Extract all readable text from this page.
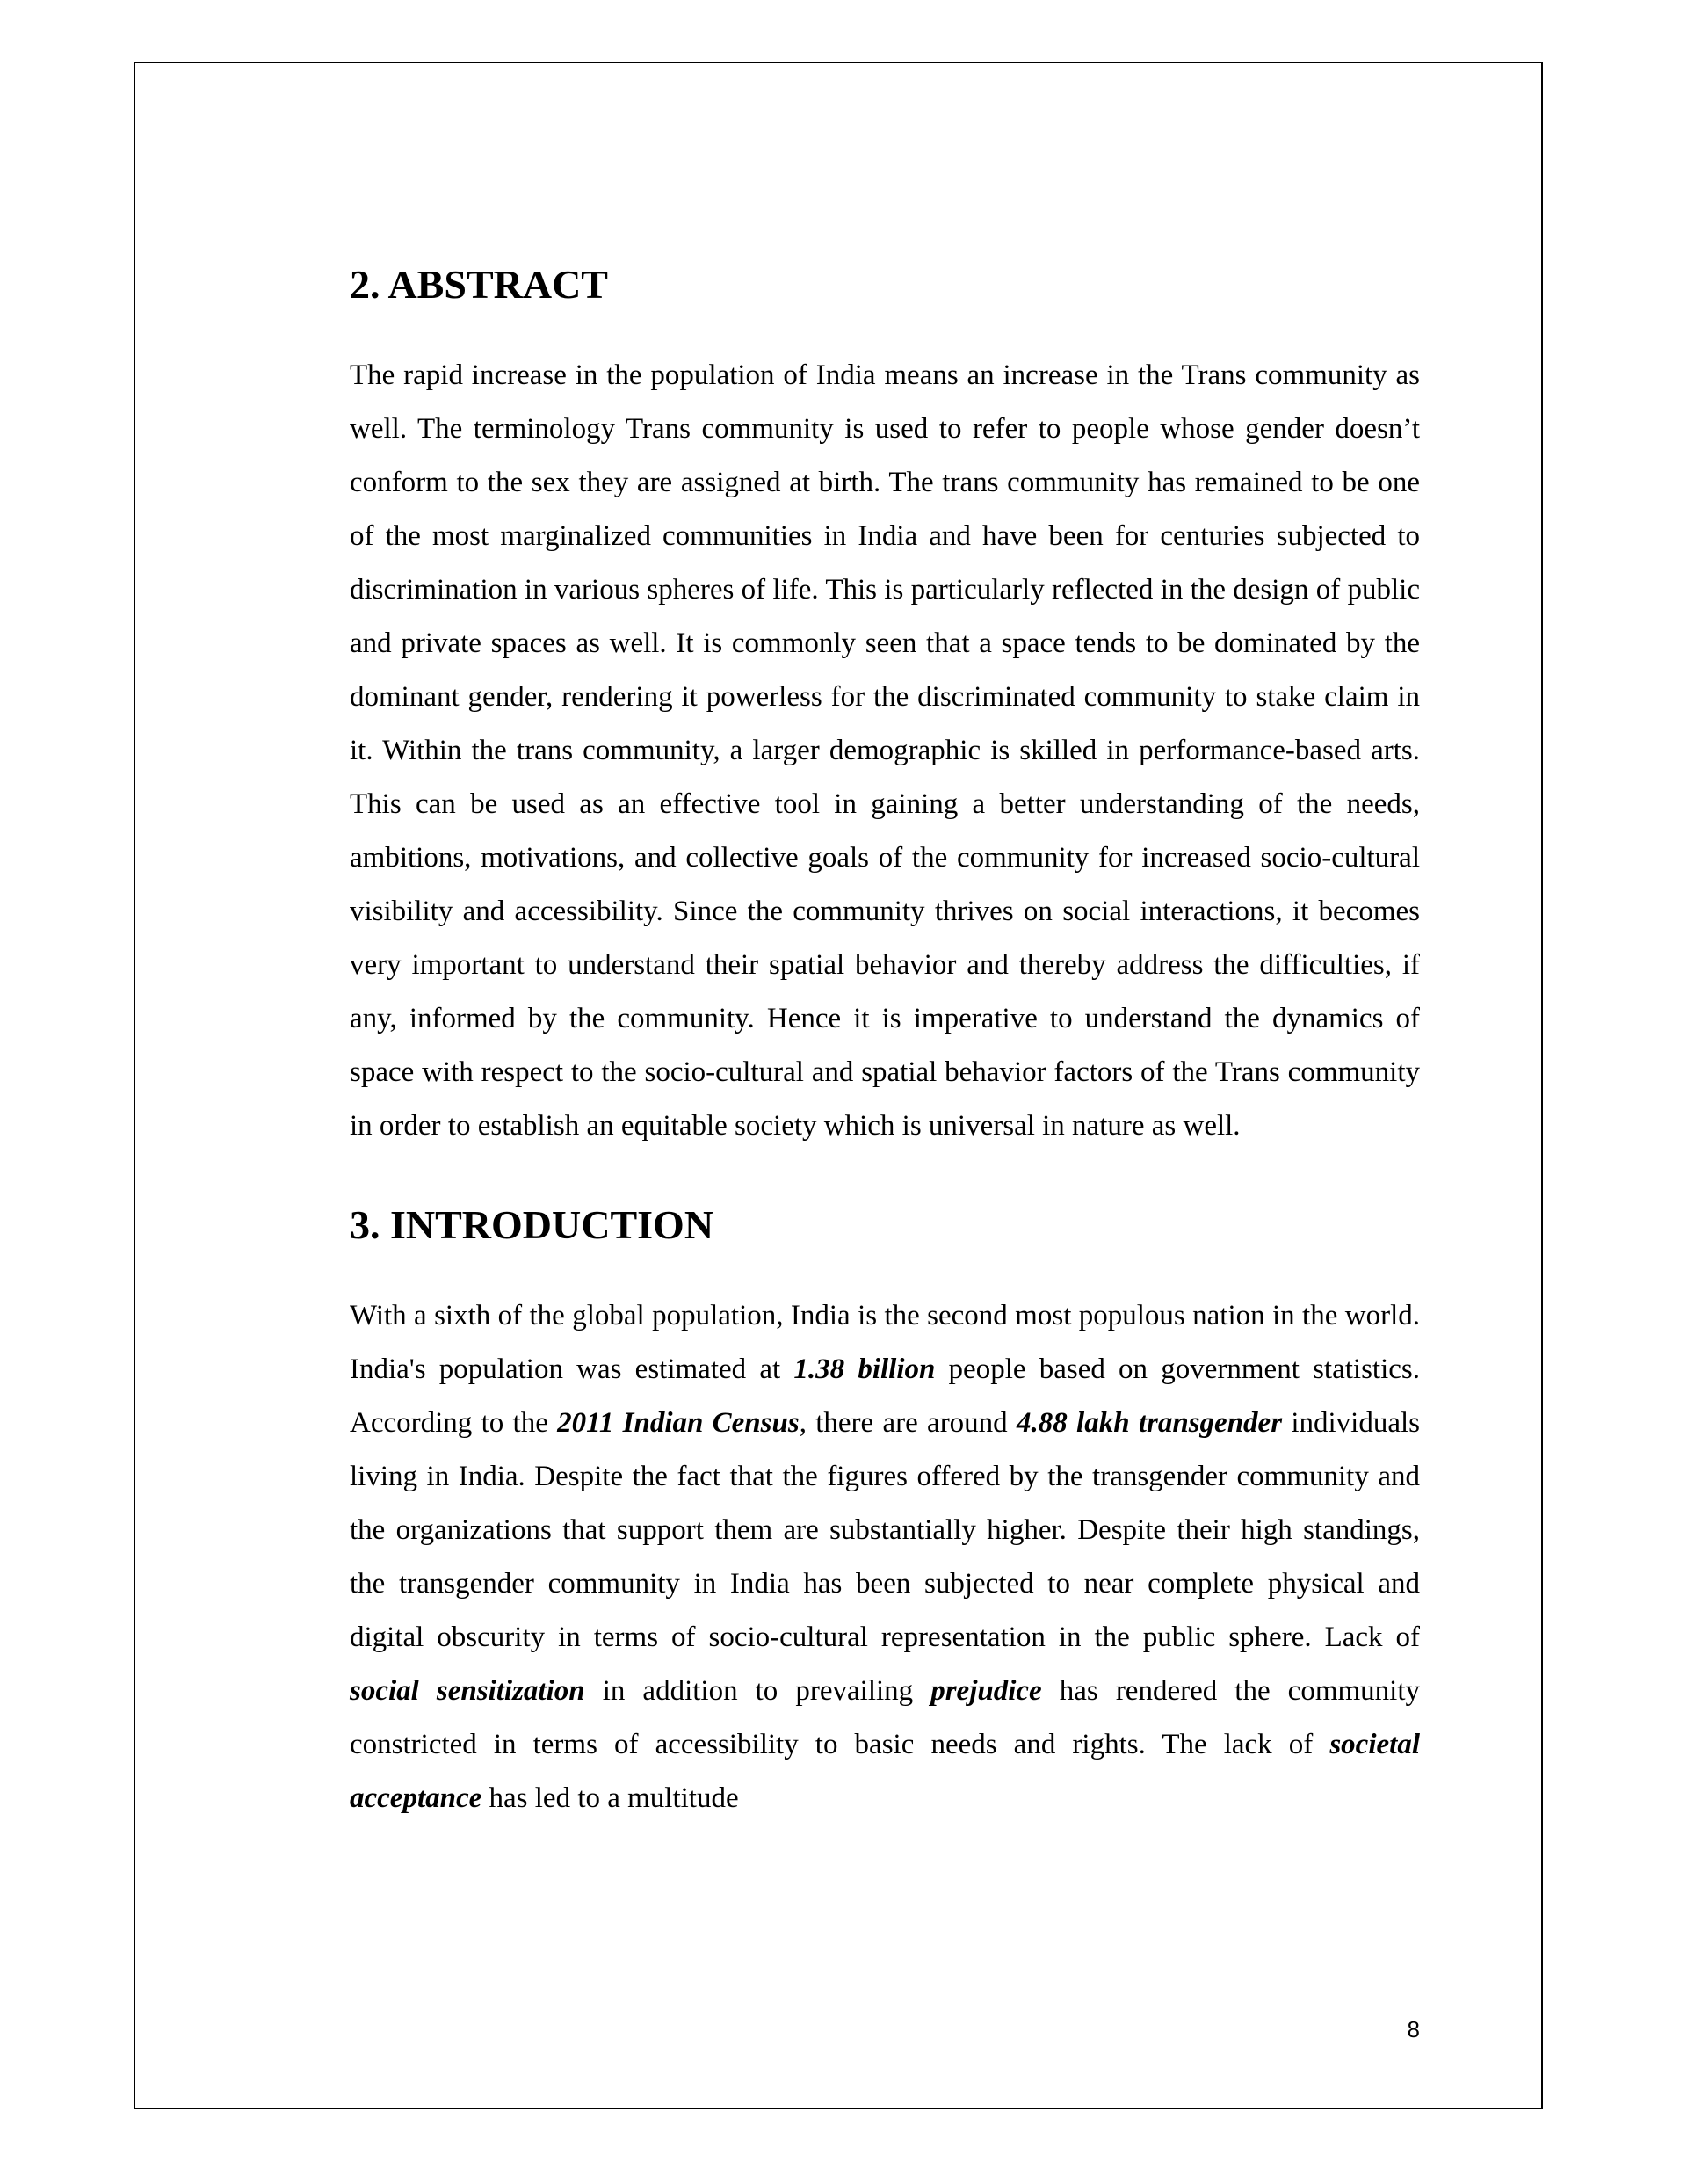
2. ABSTRACT

The rapid increase in the population of India means an increase in the Trans community as well. The terminology Trans community is used to refer to people whose gender doesn’t conform to the sex they are assigned at birth. The trans community has remained to be one of the most marginalized communities in India and have been for centuries subjected to discrimination in various spheres of life. This is particularly reflected in the design of public and private spaces as well. It is commonly seen that a space tends to be dominated by the dominant gender, rendering it powerless for the discriminated community to stake claim in it. Within the trans community, a larger demographic is skilled in performance-based arts. This can be used as an effective tool in gaining a better understanding of the needs, ambitions, motivations, and collective goals of the community for increased socio-cultural visibility and accessibility. Since the community thrives on social interactions, it becomes very important to understand their spatial behavior and thereby address the difficulties, if any, informed by the community. Hence it is imperative to understand the dynamics of space with respect to the socio-cultural and spatial behavior factors of the Trans community in order to establish an equitable society which is universal in nature as well.

3. INTRODUCTION

With a sixth of the global population, India is the second most populous nation in the world. India's population was estimated at 1.38 billion people based on government statistics. According to the 2011 Indian Census, there are around 4.88 lakh transgender individuals living in India. Despite the fact that the figures offered by the transgender community and the organizations that support them are substantially higher. Despite their high standings, the transgender community in India has been subjected to near complete physical and digital obscurity in terms of socio-cultural representation in the public sphere. Lack of social sensitization in addition to prevailing prejudice has rendered the community constricted in terms of accessibility to basic needs and rights. The lack of societal acceptance has led to a multitude

8
